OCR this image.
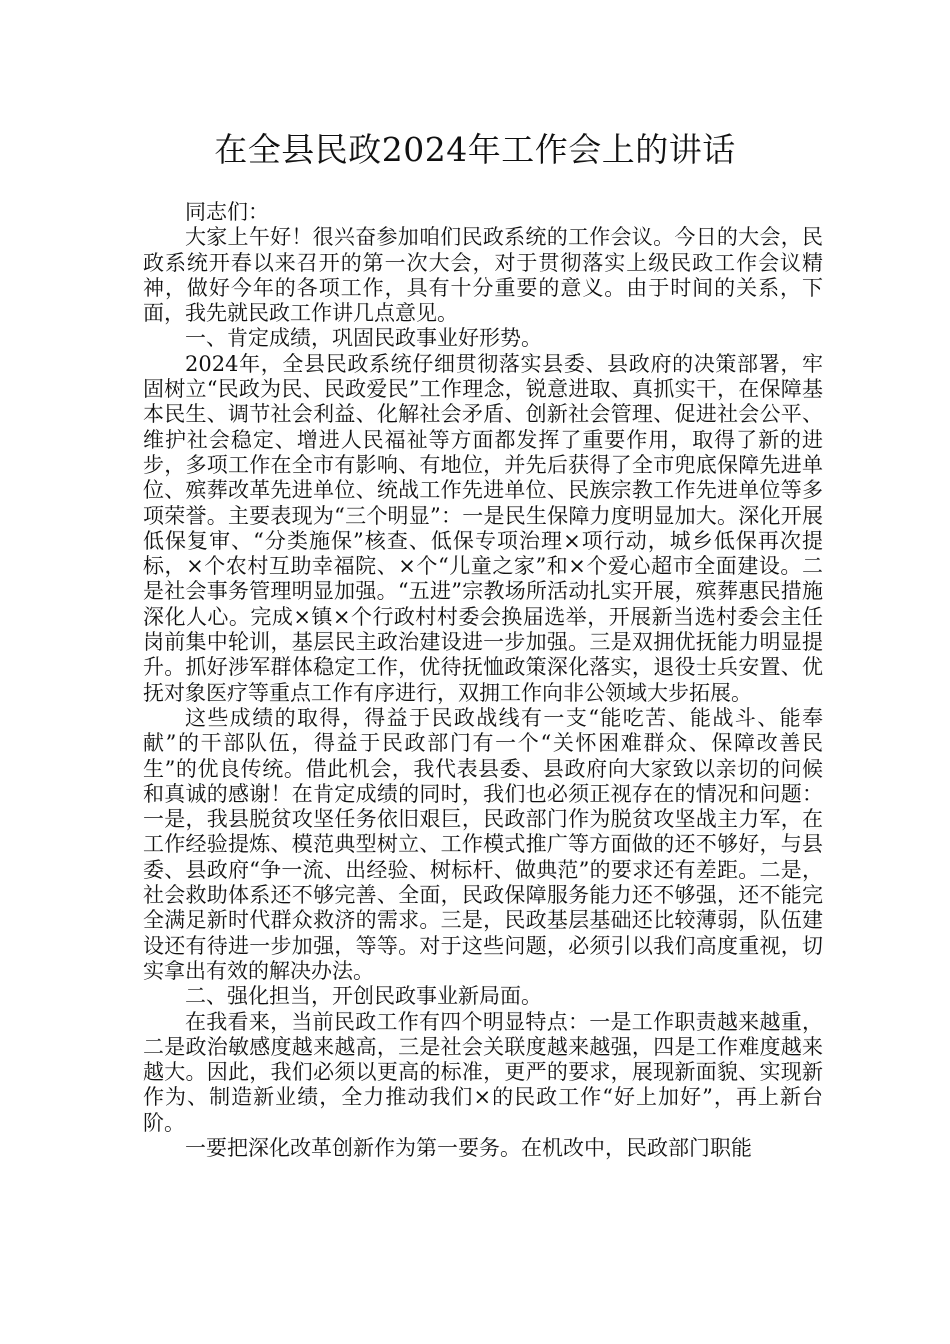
在全县民政2024年工作会上的讲话

同志们：

大家上午好！很兴奋参加咱们民政系统的工作会议。今日的大会，民政系统开春以来召开的第一次大会，对于贯彻落实上级民政工作会议精神，做好今年的各项工作，具有十分重要的意义。由于时间的关系，下面，我先就民政工作讲几点意见。

一、肯定成绩，巩固民政事业好形势。

2024年，全县民政系统仔细贯彻落实县委、县政府的决策部署，牢固树立“民政为民、民政爱民”工作理念，锐意进取、真抓实干，在保障基本民生、调节社会利益、化解社会矛盾、创新社会管理、促进社会公平、维护社会稳定、增进人民福祉等方面都发挥了重要作用，取得了新的进步，多项工作在全市有影响、有地位，并先后获得了全市兜底保障先进单位、殡葬改革先进单位、统战工作先进单位、民族宗教工作先进单位等多项荣誉。主要表现为“三个明显”：一是民生保障力度明显加大。深化开展低保复审、“分类施保”核查、低保专项治理×项行动，城乡低保再次提标，×个农村互助幸福院、×个“儿童之家”和×个爱心超市全面建设。二是社会事务管理明显加强。“五进”宗教场所活动扎实开展，殡葬惠民措施深化人心。完成×镇×个行政村村委会换届选举，开展新当选村委会主任岗前集中轮训，基层民主政治建设进一步加强。三是双拥优抚能力明显提升。抓好涉军群体稳定工作，优待抚恤政策深化落实，退役士兵安置、优抚对象医疗等重点工作有序进行，双拥工作向非公领域大步拓展。

这些成绩的取得，得益于民政战线有一支“能吃苦、能战斗、能奉献”的干部队伍，得益于民政部门有一个“关怀困难群众、保障改善民生”的优良传统。借此机会，我代表县委、县政府向大家致以亲切的问候和真诚的感谢！在肯定成绩的同时，我们也必须正视存在的情况和问题：一是，我县脱贫攻坚任务依旧艰巨，民政部门作为脱贫攻坚战主力军，在工作经验提炼、模范典型树立、工作模式推广等方面做的还不够好，与县委、县政府“争一流、出经验、树标杆、做典范”的要求还有差距。二是，社会救助体系还不够完善、全面，民政保障服务能力还不够强，还不能完全满足新时代群众救济的需求。三是，民政基层基础还比较薄弱，队伍建设还有待进一步加强，等等。对于这些问题，必须引以我们高度重视，切实拿出有效的解决办法。

二、强化担当，开创民政事业新局面。

在我看来，当前民政工作有四个明显特点：一是工作职责越来越重，二是政治敏感度越来越高，三是社会关联度越来越强，四是工作难度越来越大。因此，我们必须以更高的标准，更严的要求，展现新面貌、实现新作为、制造新业绩，全力推动我们×的民政工作“好上加好”，再上新台阶。

一要把深化改革创新作为第一要务。在机改中，民政部门职能
